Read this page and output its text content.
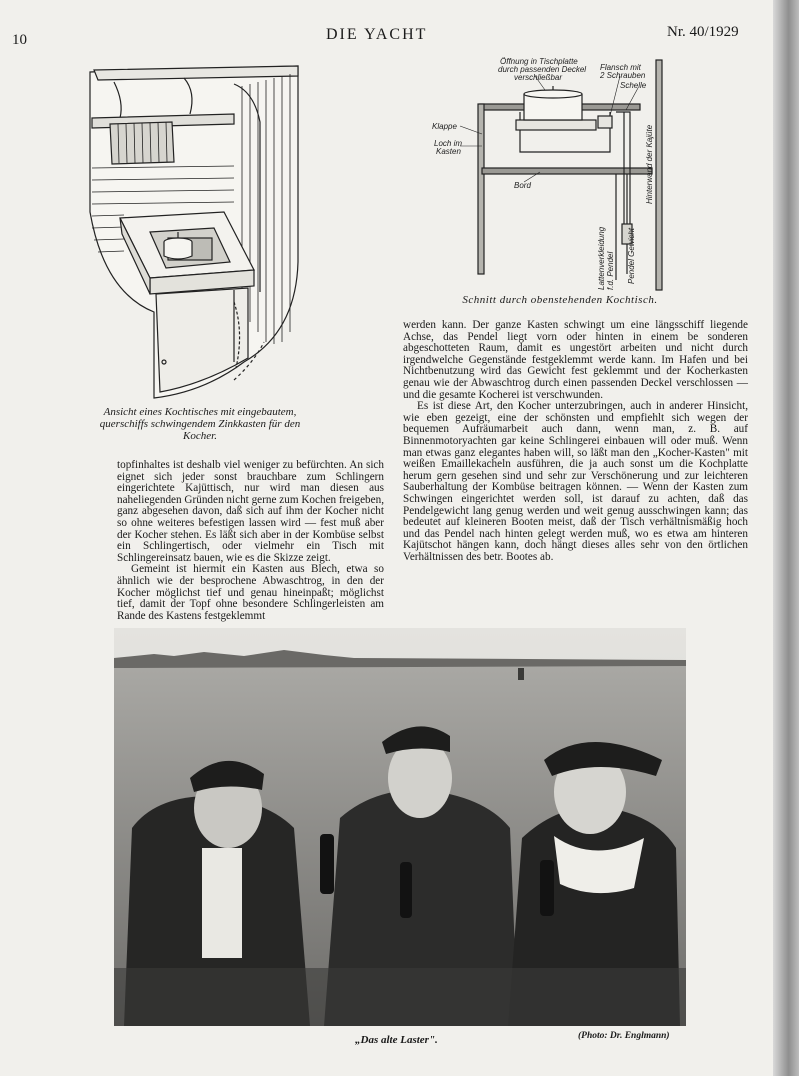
10	DIE YACHT	Nr. 40/1929
Ansicht eines Kochtisches mit eingebautem, querschiffs schwingendem Zinkkasten für den Kocher.
Öffnung in Tischplatte
durch passenden Deckel
verschließbar
Flansch mit
2 Schrauben
Schelle
Klappe
Loch im
Kasten
Bord	Hinterwand der Kajüte
Pendel Gewicht
Lattenverkleidung f.d. Pendel
Schnitt durch obenstehenden Kochtisch.

werden kann. Der ganze Kasten schwingt um eine längsschiff liegende Achse, das Pendel liegt vorn oder hinten in einem be sonderen abgeschotteten Raum, damit es ungestört arbeiten und nicht durch irgendwelche Gegenstände festgeklemmt werde kann. Im Hafen und bei Nichtbenutzung wird das Gewicht fest geklemmt und der Kocherkasten genau wie der Abwaschtrog durch einen passenden Deckel verschlossen — und die gesamte Kocherei ist verschwunden.

Es ist diese Art, den Kocher unterzubringen, auch in anderer Hinsicht, wie eben gezeigt, eine der schönsten und empfiehlt sich wegen der bequemen Aufräumarbeit auch dann, wenn man, z. B. auf Binnenmotoryachten gar keine Schlingerei einbauen will oder muß. Wenn man etwas ganz elegantes haben will, so läßt man den „Kocher-Kasten" mit weißen Emaillekacheln ausführen, die ja auch sonst um die Kochplatte herum gern gesehen sind und sehr zur Verschönerung und zur leichteren Sauberhaltung der Kombüse beitragen können. — Wenn der Kasten zum Schwingen eingerichtet werden soll, ist darauf zu achten, daß das Pendelgewicht lang genug werden und weit genug ausschwingen kann; das bedeutet auf kleineren Booten meist, daß der Tisch verhältnismäßig hoch und das Pendel nach hinten gelegt werden muß, wo es etwa am hinteren Kajütschot hängen kann, doch hängt dieses alles sehr von den örtlichen Verhältnissen des betr. Bootes ab.

topfinhaltes ist deshalb viel weniger zu befürchten. An sich eignet sich jeder sonst brauchbare zum Schlingern eingerichtete Kajüttisch, nur wird man diesen aus naheliegenden Gründen nicht gerne zum Kochen freigeben, ganz abgesehen davon, daß sich auf ihm der Kocher nicht so ohne weiteres befestigen lassen wird — fest muß aber der Kocher stehen. Es läßt sich aber in der Kombüse selbst ein Schlingertisch, oder vielmehr ein Tisch mit Schlingereinsatz bauen, wie es die Skizze zeigt.

Gemeint ist hiermit ein Kasten aus Blech, etwa so ähnlich wie der besprochene Abwaschtrog, in den der Kocher möglichst tief und genau hineinpaßt; möglichst tief, damit der Topf ohne besondere Schlingerleisten am Rande des Kastens festgeklemmt

„Das alte Laster".	(Photo: Dr. Englmann)
